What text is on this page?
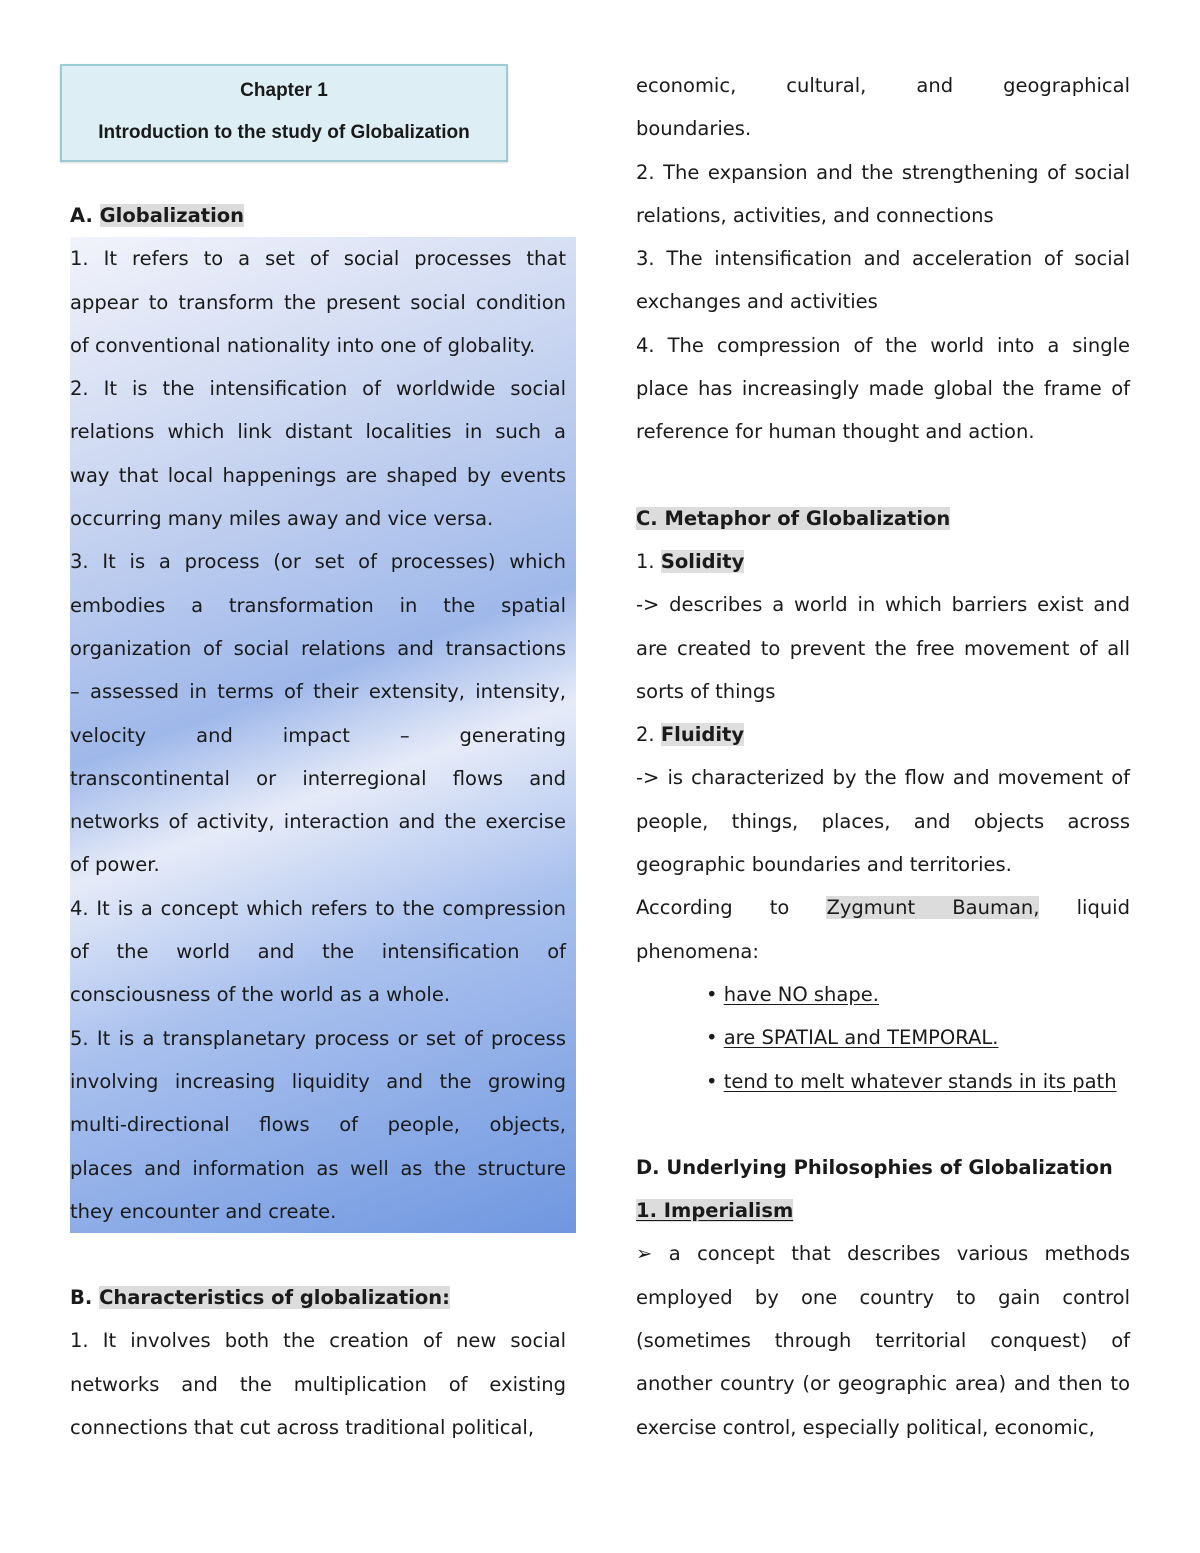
Chapter 1
Introduction to the study of Globalization

A. Globalization

1. It refers to a set of social processes that

appear to transform the present social condition

of conventional nationality into one of globality.

2. It is the intensification of worldwide social

relations which link distant localities in such a

way that local happenings are shaped by events

occurring many miles away and vice versa.

3. It is a process (or set of processes) which

embodies a transformation in the spatial

organization of social relations and transactions

– assessed in terms of their extensity, intensity,

velocity and impact – generating

transcontinental or interregional flows and

networks of activity, interaction and the exercise

of power.

4. It is a concept which refers to the compression

of the world and the intensification of

consciousness of the world as a whole.

5. It is a transplanetary process or set of process

involving increasing liquidity and the growing

multi-directional flows of people, objects,

places and information as well as the structure

they encounter and create.

B. Characteristics of globalization:

1. It involves both the creation of new social

networks and the multiplication of existing

connections that cut across traditional political,

economic, cultural, and geographical

boundaries.

2. The expansion and the strengthening of social

relations, activities, and connections

3. The intensification and acceleration of social

exchanges and activities

4. The compression of the world into a single

place has increasingly made global the frame of

reference for human thought and action.

C. Metaphor of Globalization

1. Solidity

-> describes a world in which barriers exist and

are created to prevent the free movement of all

sorts of things

2. Fluidity

-> is characterized by the flow and movement of

people, things, places, and objects across

geographic boundaries and territories.

According to Zygmunt Bauman, liquid

phenomena:

• have NO shape.

• are SPATIAL and TEMPORAL.

• tend to melt whatever stands in its path

D. Underlying Philosophies of Globalization

1. Imperialism

➢ a concept that describes various methods

employed by one country to gain control

(sometimes through territorial conquest) of

another country (or geographic area) and then to

exercise control, especially political, economic,
